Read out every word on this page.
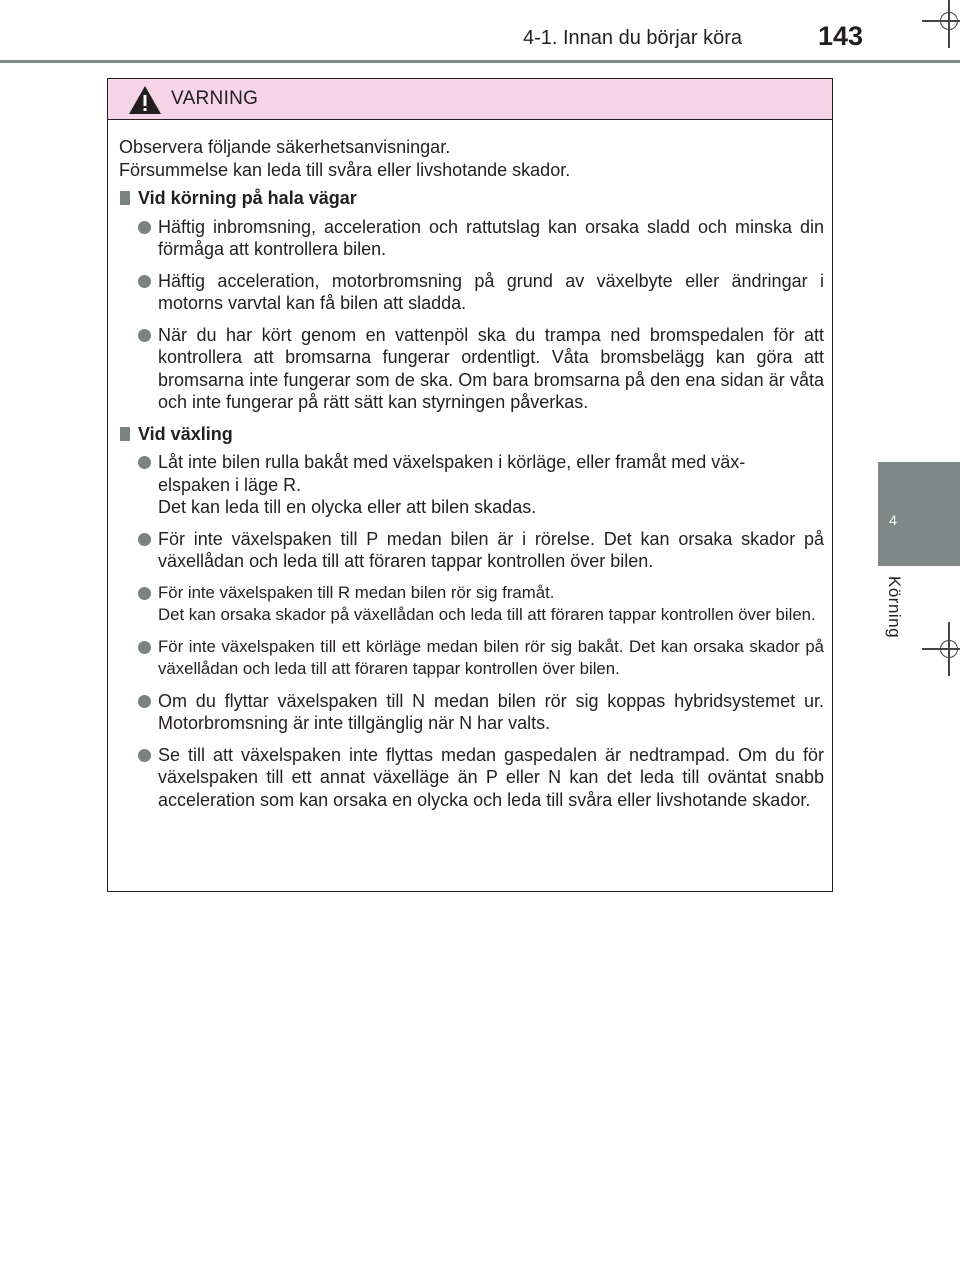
4-1. Innan du börjar köra	143
4
Körning
VARNING
Observera följande säkerhetsanvisningar.
Försummelse kan leda till svåra eller livshotande skador.
Vid körning på hala vägar
Häftig inbromsning, acceleration och rattutslag kan orsaka sladd och minska din förmåga att kontrollera bilen.
Häftig acceleration, motorbromsning på grund av växelbyte eller ändringar i motorns varvtal kan få bilen att sladda.
När du har kört genom en vattenpöl ska du trampa ned bromspedalen för att kontrollera att bromsarna fungerar ordentligt. Våta bromsbelägg kan göra att bromsarna inte fungerar som de ska. Om bara bromsarna på den ena sidan är våta och inte fungerar på rätt sätt kan styrningen påverkas.
Vid växling
Låt inte bilen rulla bakåt med växelspaken i körläge, eller framåt med väx-
elspaken i läge R.
Det kan leda till en olycka eller att bilen skadas.
För inte växelspaken till P medan bilen är i rörelse. Det kan orsaka skador på växellådan och leda till att föraren tappar kontrollen över bilen.
För inte växelspaken till R medan bilen rör sig framåt.
Det kan orsaka skador på växellådan och leda till att föraren tappar kontrollen över bilen.
För inte växelspaken till ett körläge medan bilen rör sig bakåt. Det kan orsaka skador på växellådan och leda till att föraren tappar kontrollen över bilen.
Om du flyttar växelspaken till N medan bilen rör sig koppas hybridsystemet ur. Motorbromsning är inte tillgänglig när N har valts.
Se till att växelspaken inte flyttas medan gaspedalen är nedtrampad. Om du för växelspaken till ett annat växelläge än P eller N kan det leda till oväntat snabb acceleration som kan orsaka en olycka och leda till svåra eller livshotande skador.
